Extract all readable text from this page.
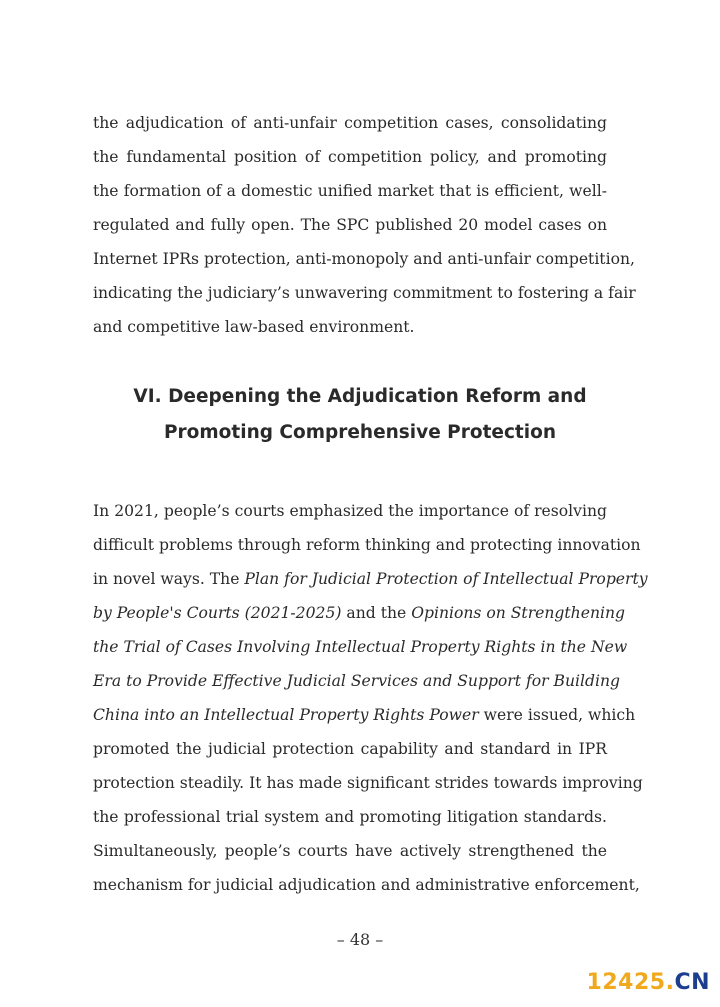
the adjudication of anti-unfair competition cases, consolidating
the fundamental position of competition policy, and promoting
the formation of a domestic unified market that is efficient, well-
regulated and fully open. The SPC published 20 model cases on
Internet IPRs protection, anti-monopoly and anti-unfair competition,
indicating the judiciary’s unwavering commitment to fostering a fair
and competitive law-based environment.
VI. Deepening the Adjudication Reform and
Promoting Comprehensive Protection
In 2021, people’s courts emphasized the importance of resolving
difficult problems through reform thinking and protecting innovation
in novel ways. The Plan for Judicial Protection of Intellectual Property
by People's Courts (2021-2025) and the Opinions on Strengthening
the Trial of Cases Involving Intellectual Property Rights in the New
Era to Provide Effective Judicial Services and Support for Building
China into an Intellectual Property Rights Power were issued, which
promoted the judicial protection capability and standard in IPR
protection steadily. It has made significant strides towards improving
the professional trial system and promoting litigation standards.
Simultaneously, people’s courts have actively strengthened the
mechanism for judicial adjudication and administrative enforcement,
– 48 –
12425.CN
